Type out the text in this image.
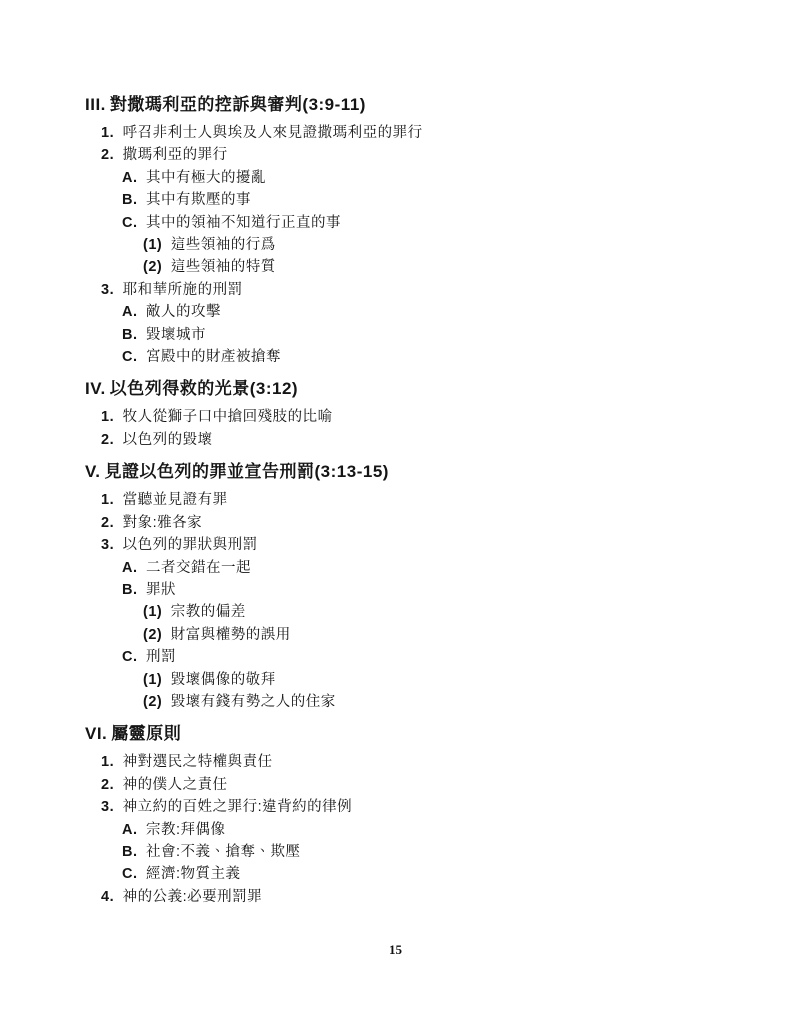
III. 對撒瑪利亞的控訴與審判(3:9-11)
1. 呼召非利士人與埃及人來見證撒瑪利亞的罪行
2. 撒瑪利亞的罪行
A. 其中有極大的擾亂
B. 其中有欺壓的事
C. 其中的領袖不知道行正直的事
(1) 這些領袖的行爲
(2) 這些領袖的特質
3. 耶和華所施的刑罰
A. 敵人的攻擊
B. 毀壞城市
C. 宮殿中的財產被搶奪
IV. 以色列得救的光景(3:12)
1. 牧人從獅子口中搶回殘肢的比喻
2. 以色列的毀壞
V. 見證以色列的罪並宣告刑罰(3:13-15)
1. 當聽並見證有罪
2. 對象:雅各家
3. 以色列的罪狀與刑罰
A. 二者交錯在一起
B. 罪狀
(1) 宗教的偏差
(2) 財富與權勢的誤用
C. 刑罰
(1) 毀壞偶像的敬拜
(2) 毀壞有錢有勢之人的住家
VI. 屬靈原則
1. 神對選民之特權與責任
2. 神的僕人之責任
3. 神立約的百姓之罪行:違背約的律例
A. 宗教:拜偶像
B. 社會:不義、搶奪、欺壓
C. 經濟:物質主義
4. 神的公義:必要刑罰罪
15
